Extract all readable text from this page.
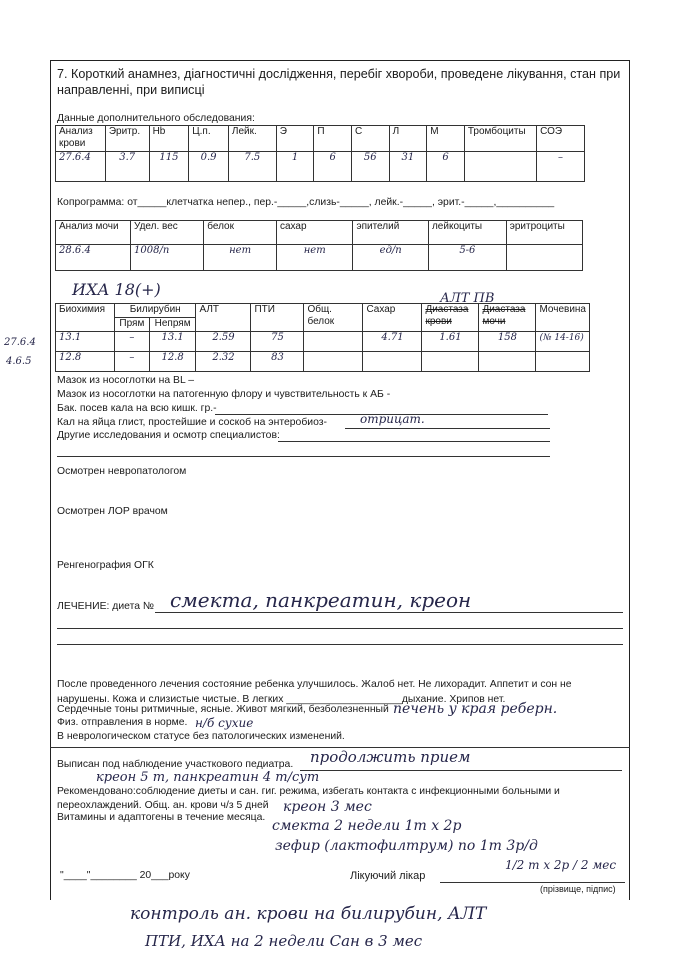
7. Короткий анамнез, діагностичні дослідження, перебіг хвороби, проведене лікування, стан при направленні, при виписці
Данные дополнительного обследования:
Анализ крови	Эритр.	Hb	Ц.п.	Лейк.	Э	П	С	Л	М	Тромбоциты	СОЭ
27.6.4	3.7	115	0.9	7.5	1	6	56	31	6		–
Копрограмма: от_____клетчатка непер., пер.-_____,слизь-_____, лейк.-_____, эрит.-_____,__________
Анализ мочи	Удел. вес	белок	сахар	эпителий	лейкоциты	эритроциты
28.6.4	1008/п	нет	нет	ед/п	5-6	
ИХА 18(+)	АЛТ ПВ
Биохимия	Билирубин		АЛТ	ПТИ	Общ. белок	Сахар	Диастаза крови	Диастаза мочи	Мочевина
	Прям	Непрям							
13.1	–	13.1	2.59	75		4.71	1.61	158	(№ 14-16)
12.8	–	12.8	2.32	83					
27.6.4
4.6.5
Мазок из носоглотки на BL –
Мазок из носоглотки на патогенную флору и чувствительность к АБ -
Бак. посев кала на всю кишк. гр.-
Кал на яйца глист, простейшие и соскоб на энтеробиоз-	отрицат.
Другие исследования и осмотр специалистов:
Осмотрен невропатологом
Осмотрен ЛОР врачом
Ренгенография ОГК
ЛЕЧЕНИЕ: диета № смекта, панкреатин, креон
После проведенного лечения состояние ребенка улучшилось. Жалоб нет. Не лихорадит. Аппетит и сон не нарушены. Кожа и слизистые чистые. В легких ____________________дыхание. Хрипов нет.
Сердечные тоны ритмичные, ясные. Живот мягкий, безболезненный печень у края реберн.
Физ. отправления в норме. н/б сухие
В неврологическом статусе без патологических изменений.
Выписан под наблюдение участкового педиатра. продолжить прием
креон 5 т, панкреатин 4 т/сут
Рекомендовано:соблюдение диеты и сан. гиг. режима, избегать контакта с инфекционными больными и переохлаждений. Общ. ан. крови ч/з 5 дней
Витамины и адаптогены в течение месяца.
креон 3 мес
смекта 2 недели 1т х 2р
зефир (лактофилтрум) по 1т 3р/д
1/2 т х 2р / 2 мес
"____"________ 20___року	Лікуючий лікар
(прізвище, підпис)
контроль ан. крови на билирубин, АЛТ
ПТИ, ИХА на 2 недели Сан в 3 мес
